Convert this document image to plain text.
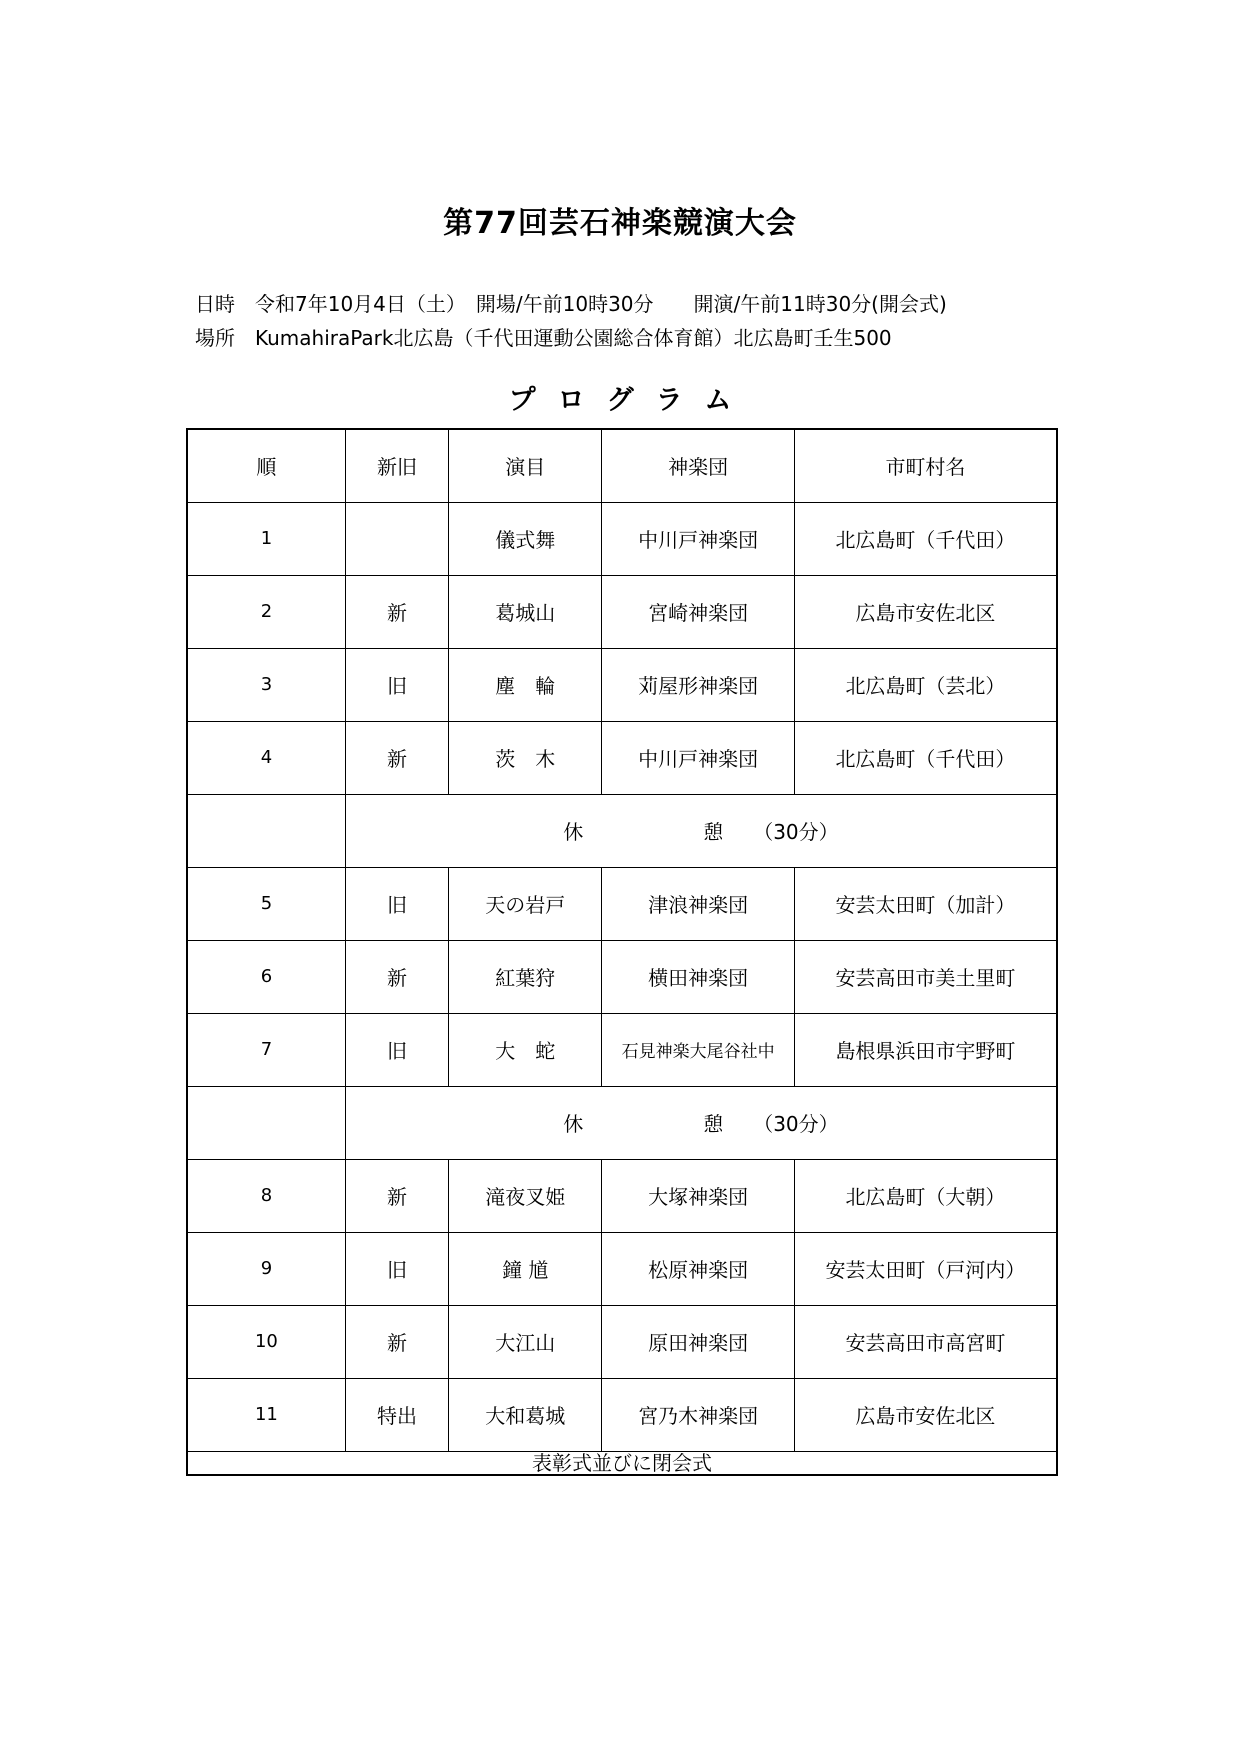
第77回芸石神楽競演大会
日時　令和7年10月4日（土）　開場/午前10時30分　　開演/午前11時30分(開会式)
場所　KumahiraPark北広島（千代田運動公園総合体育館）北広島町壬生500
プログラム
順	新旧	演目	神楽団	市町村名
1		儀式舞	中川戸神楽団	北広島町（千代田）
2	新	葛城山	宮崎神楽団	広島市安佐北区
3	旧	塵　輪	苅屋形神楽団	北広島町（芸北）
4	新	茨　木	中川戸神楽団	北広島町（千代田）
	休　　　　　　憩　　（30分）			
5	旧	天の岩戸	津浪神楽団	安芸太田町（加計）
6	新	紅葉狩	横田神楽団	安芸高田市美土里町
7	旧	大　蛇	石見神楽大尾谷社中	島根県浜田市宇野町
	休　　　　　　憩　　（30分）			
8	新	滝夜叉姫	大塚神楽団	北広島町（大朝）
9	旧	鐘 馗	松原神楽団	安芸太田町（戸河内）
10	新	大江山	原田神楽団	安芸高田市高宮町
11	特出	大和葛城	宮乃木神楽団	広島市安佐北区
表彰式並びに閉会式				
